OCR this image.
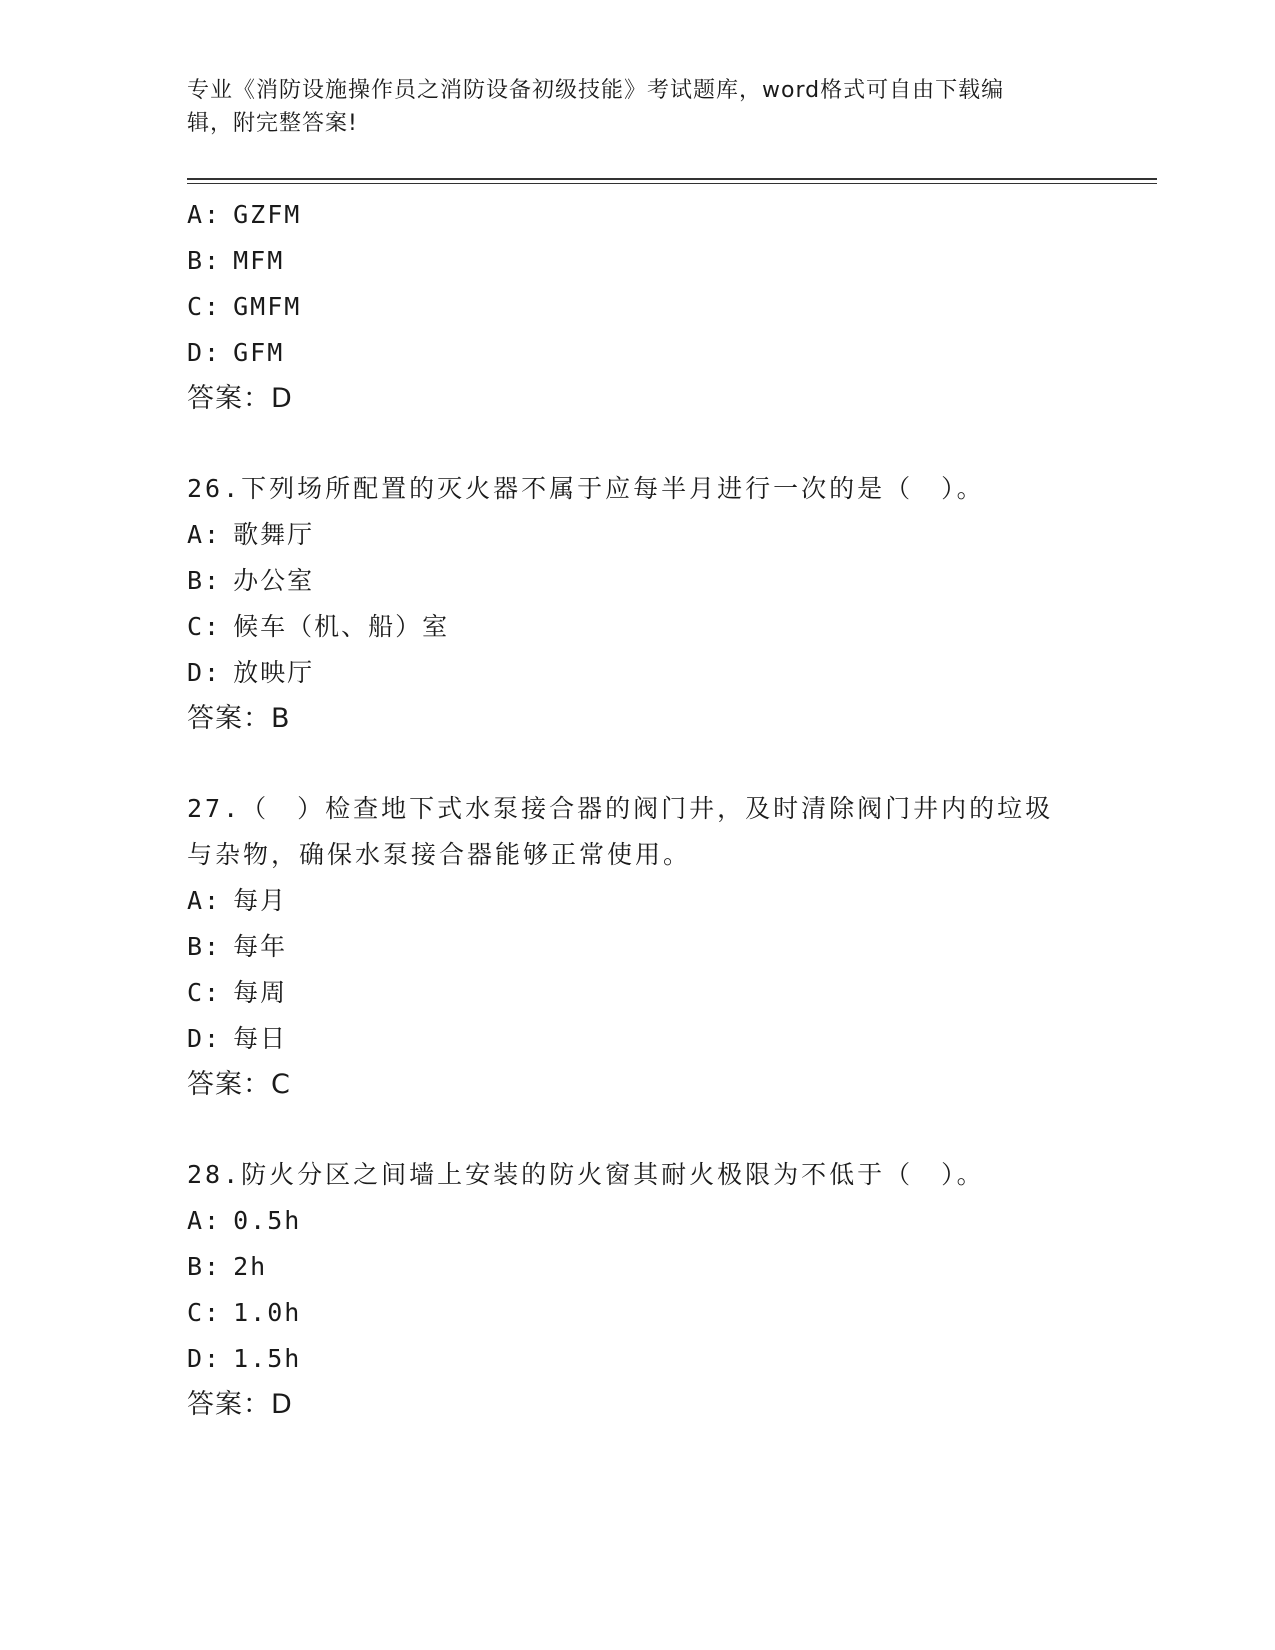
专业《消防设施操作员之消防设备初级技能》考试题库，word格式可自由下载编
辑，附完整答案!
A: GZFM
B: MFM
C: GMFM
D: GFM
答案：D
26.下列场所配置的灭火器不属于应每半月进行一次的是（　）。
A: 歌舞厅
B: 办公室
C: 候车（机、船）室
D: 放映厅
答案：B
27.（　）检查地下式水泵接合器的阀门井，及时清除阀门井内的垃圾
与杂物，确保水泵接合器能够正常使用。
A: 每月
B: 每年
C: 每周
D: 每日
答案：C
28.防火分区之间墙上安装的防火窗其耐火极限为不低于（　）。
A: 0.5h
B: 2h
C: 1.0h
D: 1.5h
答案：D
